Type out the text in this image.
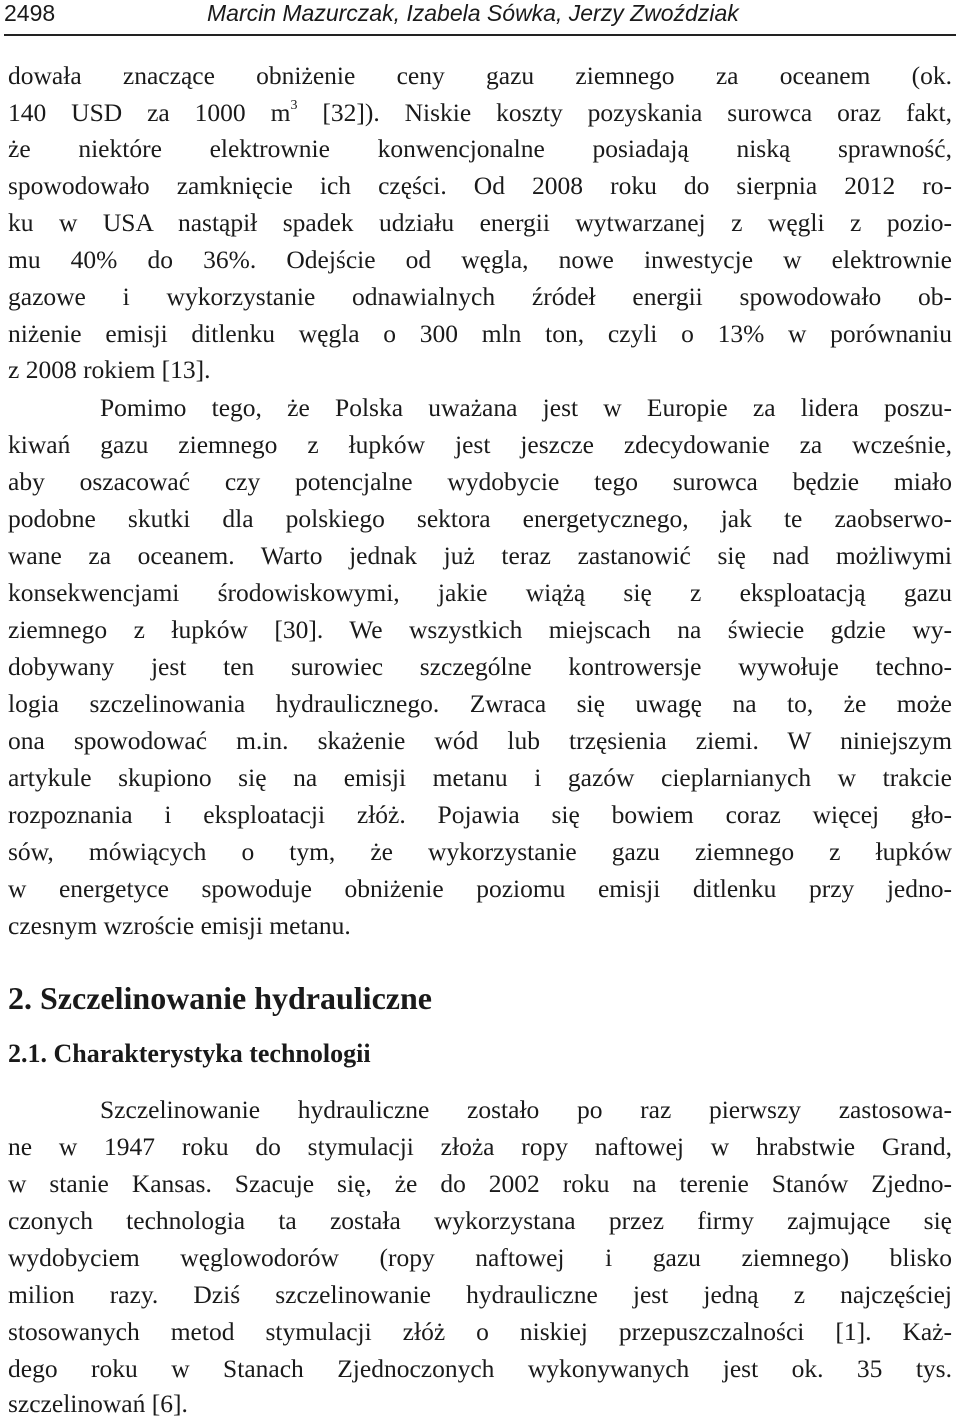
2498	Marcin Mazurczak, Izabela Sówka, Jerzy Zwoździak
dowała znaczące obniżenie ceny gazu ziemnego za oceanem (ok.
140 USD za 1000 $m^3$ [32]). Niskie koszty pozyskania surowca oraz fakt,
że niektóre elektrownie konwencjonalne posiadają niską sprawność,
spowodowało zamknięcie ich części. Od 2008 roku do sierpnia 2012 ro-
ku w USA nastąpił spadek udziału energii wytwarzanej z węgli z pozio-
mu 40% do 36%. Odejście od węgla, nowe inwestycje w elektrownie
gazowe i wykorzystanie odnawialnych źródeł energii spowodowało ob-
niżenie emisji ditlenku węgla o 300 mln ton, czyli o 13% w porównaniu
z 2008 rokiem [13].
Pomimo tego, że Polska uważana jest w Europie za lidera poszu-
kiwań gazu ziemnego z łupków jest jeszcze zdecydowanie za wcześnie,
aby oszacować czy potencjalne wydobycie tego surowca będzie miało
podobne skutki dla polskiego sektora energetycznego, jak te zaobserwo-
wane za oceanem. Warto jednak już teraz zastanowić się nad możliwymi
konsekwencjami środowiskowymi, jakie wiążą się z eksploatacją gazu
ziemnego z łupków [30]. We wszystkich miejscach na świecie gdzie wy-
dobywany jest ten surowiec szczególne kontrowersje wywołuje techno-
logia szczelinowania hydraulicznego. Zwraca się uwagę na to, że może
ona spowodować m.in. skażenie wód lub trzęsienia ziemi. W niniejszym
artykule skupiono się na emisji metanu i gazów cieplarnianych w trakcie
rozpoznania i eksploatacji złóż. Pojawia się bowiem coraz więcej gło-
sów, mówiących o tym, że wykorzystanie gazu ziemnego z łupków
w energetyce spowoduje obniżenie poziomu emisji ditlenku przy jedno-
czesnym wzroście emisji metanu.
2. Szczelinowanie hydrauliczne
2.1. Charakterystyka technologii
Szczelinowanie hydrauliczne zostało po raz pierwszy zastosowa-
ne w 1947 roku do stymulacji złoża ropy naftowej w hrabstwie Grand,
w stanie Kansas. Szacuje się, że do 2002 roku na terenie Stanów Zjedno-
czonych technologia ta została wykorzystana przez firmy zajmujące się
wydobyciem węglowodorów (ropy naftowej i gazu ziemnego) blisko
milion razy. Dziś szczelinowanie hydrauliczne jest jedną z najczęściej
stosowanych metod stymulacji złóż o niskiej przepuszczalności [1]. Każ-
dego roku w Stanach Zjednoczonych wykonywanych jest ok. 35 tys.
szczelinowań [6].
